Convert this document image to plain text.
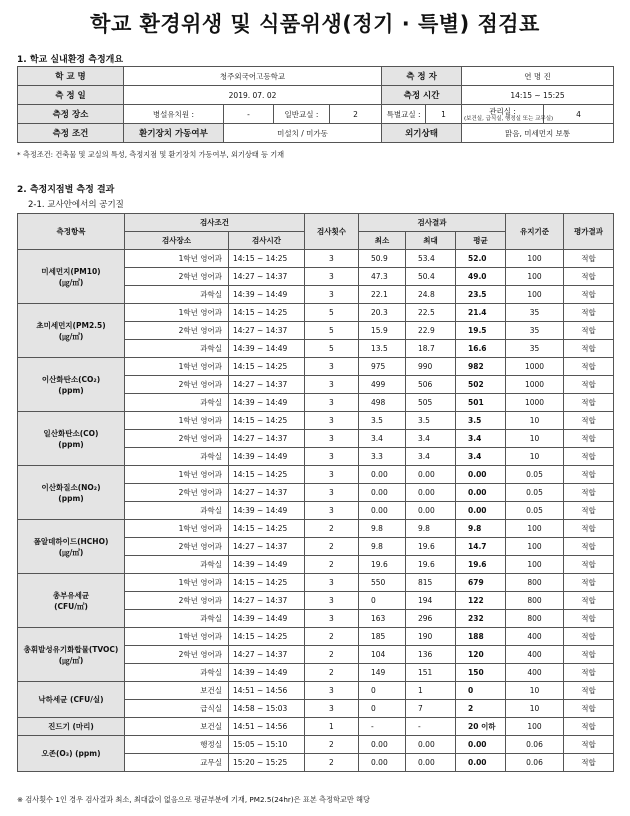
학교 환경위생 및 식품위생(정기 · 특별) 점검표
1. 학교 실내환경 측정개요
학 교 명	청주외국어고등학교				측 정 자		연 명 진	
측 정 일	2019. 07. 02				측정 시간		14:15 ~ 15:25	
측정 장소	병설유치원 :	-	일반교실 :	2	특별교실 :	1	관리실 :
(보건실, 급식실, 행정실 또는 교무실)	4
측정 조건	환기장치 가동여부	미설치 / 미가동			외기상태		맑음, 미세먼지 보통	
* 측정조건: 건축물 및 교실의 특성, 측정지점 및 환기장치 가동여부, 외기상태 등 기재
2. 측정지점별 측정 결과
2-1. 교사안에서의 공기질
측정항목	검사조건		검사횟수	검사결과			유지기준	평가결과
	검사장소	검사시간		최소	최대	평균		

미세먼지(PM10)
(㎍/㎥)	1학년 영어과	14:15 ~ 14:25	3	50.9	53.4	52.0	100	적합
	2학년 영어과	14:27 ~ 14:37	3	47.3	50.4	49.0	100	적합
	과학실	14:39 ~ 14:49	3	22.1	24.8	23.5	100	적합

초미세먼지(PM2.5)
(㎍/㎥)	1학년 영어과	14:15 ~ 14:25	5	20.3	22.5	21.4	35	적합
	2학년 영어과	14:27 ~ 14:37	5	15.9	22.9	19.5	35	적합
	과학실	14:39 ~ 14:49	5	13.5	18.7	16.6	35	적합

이산화탄소(CO₂)
(ppm)	1학년 영어과	14:15 ~ 14:25	3	975	990	982	1000	적합
	2학년 영어과	14:27 ~ 14:37	3	499	506	502	1000	적합
	과학실	14:39 ~ 14:49	3	498	505	501	1000	적합

일산화탄소(CO)
(ppm)	1학년 영어과	14:15 ~ 14:25	3	3.5	3.5	3.5	10	적합
	2학년 영어과	14:27 ~ 14:37	3	3.4	3.4	3.4	10	적합
	과학실	14:39 ~ 14:49	3	3.3	3.4	3.4	10	적합

이산화질소(NO₂)
(ppm)	1학년 영어과	14:15 ~ 14:25	3	0.00	0.00	0.00	0.05	적합
	2학년 영어과	14:27 ~ 14:37	3	0.00	0.00	0.00	0.05	적합
	과학실	14:39 ~ 14:49	3	0.00	0.00	0.00	0.05	적합

폼알데하이드(HCHO)
(㎍/㎥)	1학년 영어과	14:15 ~ 14:25	2	9.8	9.8	9.8	100	적합
	2학년 영어과	14:27 ~ 14:37	2	9.8	19.6	14.7	100	적합
	과학실	14:39 ~ 14:49	2	19.6	19.6	19.6	100	적합

총부유세균
(CFU/㎥)	1학년 영어과	14:15 ~ 14:25	3	550	815	679	800	적합
	2학년 영어과	14:27 ~ 14:37	3	0	194	122	800	적합
	과학실	14:39 ~ 14:49	3	163	296	232	800	적합

총휘발성유기화합물(TVOC)
(㎍/㎥)	1학년 영어과	14:15 ~ 14:25	2	185	190	188	400	적합
	2학년 영어과	14:27 ~ 14:37	2	104	136	120	400	적합
	과학실	14:39 ~ 14:49	2	149	151	150	400	적합

낙하세균 (CFU/실)	보건실	14:51 ~ 14:56	3	0	1	0	10	적합
	급식실	14:58 ~ 15:03	3	0	7	2	10	적합

진드기 (마리)	보건실	14:51 ~ 14:56	1	-	-	20 이하	100	적합

오존(O₃) (ppm)	행정실	15:05 ~ 15:10	2	0.00	0.00	0.00	0.06	적합
	교무실	15:20 ~ 15:25	2	0.00	0.00	0.00	0.06	적합
※ 검사횟수 1인 경우 검사결과 최소, 최대값이 없음으로 평균부분에 기재, PM2.5(24hr)은 표본 측정학교만 해당
